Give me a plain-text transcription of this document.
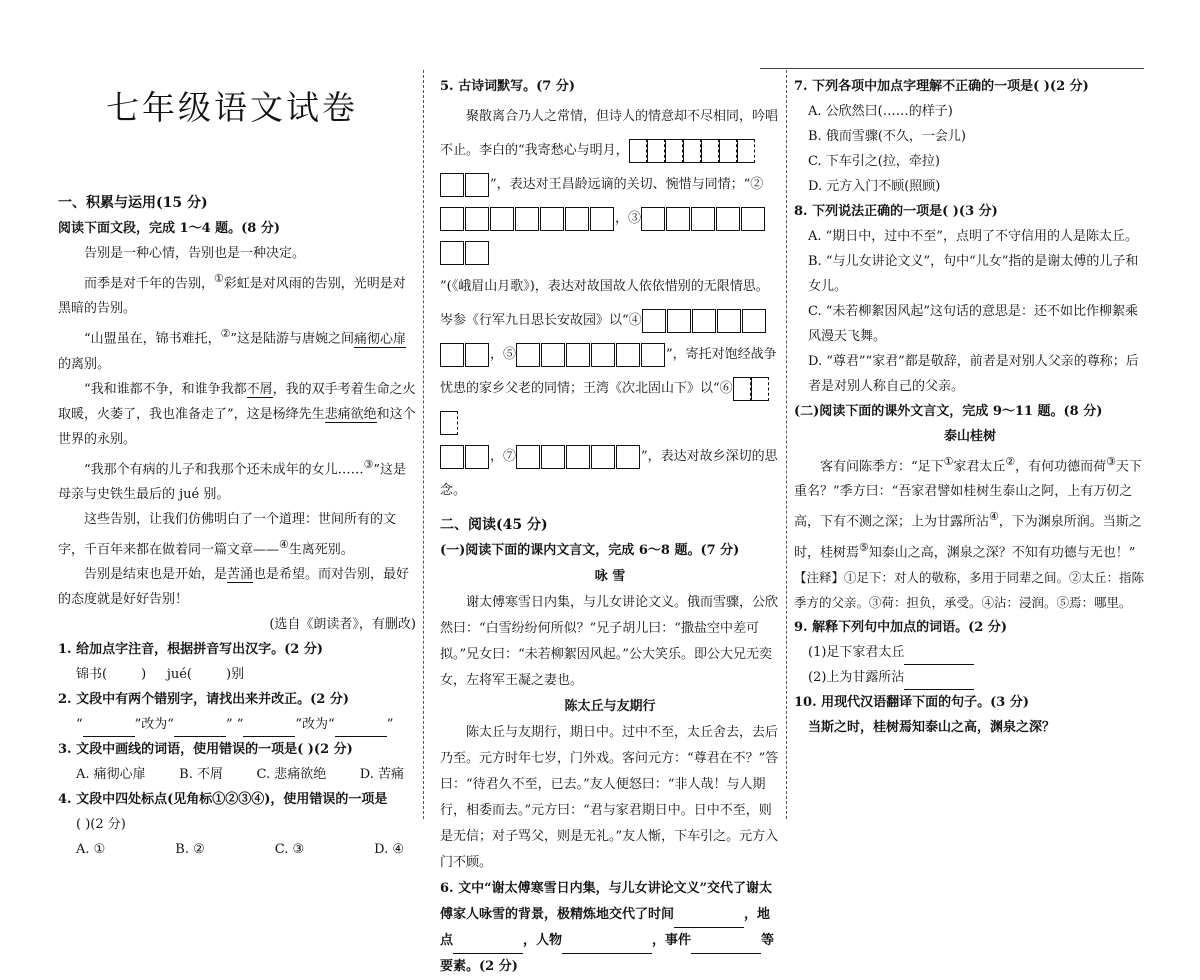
七年级语文试卷

一、积累与运用(15 分)

阅读下面文段，完成 1～4 题。(8 分)

告别是一种心情，告别也是一种决定。

而季是对千年的告别，①彩虹是对风雨的告别，光明是对黑暗的告别。

“山盟虽在，锦书难托，②”这是陆游与唐婉之间痛彻心扉的离别。

“我和谁都不争，和谁争我都不屑，我的双手考着生命之火取暖，火萎了，我也准备走了”，这是杨绛先生悲痛欲绝和这个世界的永别。

“我那个有病的儿子和我那个还未成年的女儿……③”这是母亲与史铁生最后的 jué 别。

这些告别，让我们仿佛明白了一个道理：世间所有的文字，千百年来都在做着同一篇文章——④生离死别。

告别是结束也是开始，是苦涌也是希望。而对告别，最好的态度就是好好告别！

(选自《朗读者》，有删改)

1. 给加点字注音，根据拼音写出汉字。(2 分)

锦书(	) jué(	)别

2. 文段中有两个错别字，请找出来并改正。(2 分)

“	”改为“	” “	”改为“	”

3. 文段中画线的词语，使用错误的一项是( )(2 分)

A. 痛彻心扉	B. 不屑	C. 悲痛欲绝	D. 苦痛

4. 文段中四处标点(见角标①②③④)，使用错误的一项是

( )(2 分)

A. ①	B. ②	C. ③	D. ④

5. 古诗词默写。(7 分)

聚散离合乃人之常情，但诗人的情意却不尽相同，吟唱不止。李白的“我寄愁心与明月，
”，表达对王昌龄远谪的关切、惋惜与同情；“②
，③
”(《峨眉山月歌》)，表达对故国故人依依惜别的无限情思。岑参《行军九日思长安故园》以“④
，⑤	”，寄托对饱经战争忧患的家乡父老的同情；王湾《次北固山下》以“⑥
，⑦	”，表达对故乡深切的思念。

二、阅读(45 分)

(一)阅读下面的课内文言文，完成 6～8 题。(7 分)

咏 雪

谢太傅寒雪日内集，与儿女讲论文义。俄而雪骤，公欣然曰：“白雪纷纷何所似？”兄子胡儿曰：“撒盐空中差可拟。”兄女曰：“未若柳絮因风起。”公大笑乐。即公大兄无奕女，左将军王凝之妻也。

陈太丘与友期行

陈太丘与友期行，期日中。过中不至，太丘舍去，去后乃至。元方时年七岁，门外戏。客问元方：“尊君在不？”答曰：“待君久不至，已去。”友人便怒曰：“非人哉！与人期行，相委而去。”元方曰：“君与家君期日中。日中不至，则是无信；对子骂父，则是无礼。”友人惭，下车引之。元方入门不顾。

6. 文中“谢太傅寒雪日内集，与儿女讲论文义”交代了谢太傅家人咏雪的背景，极精炼地交代了时间	，地点	，人物	，事件	等要素。(2 分)

7. 下列各项中加点字理解不正确的一项是( )(2 分)

A. 公欣然曰(……的样子)

B. 俄而雪骤(不久，一会儿)

C. 下车引之(拉，牵拉)

D. 元方入门不顾(照顾)

8. 下列说法正确的一项是( )(3 分)

A. “期日中，过中不至”，点明了不守信用的人是陈太丘。

B. “与儿女讲论文义”，句中“儿女”指的是谢太傅的儿子和女儿。

C. “未若柳絮因风起”这句话的意思是：还不如比作柳絮乘风漫天飞舞。

D. “尊君”“家君”都是敬辞，前者是对别人父亲的尊称；后者是对别人称自己的父亲。

(二)阅读下面的课外文言文，完成 9～11 题。(8 分)

泰山桂树

客有问陈季方：“足下①家君太丘②，有何功德而荷③天下重名？”季方曰：“吾家君譬如桂树生泰山之阿，上有万仞之高，下有不测之深；上为甘露所沾④，下为渊泉所润。当斯之时，桂树焉⑤知泰山之高，渊泉之深？不知有功德与无也！”

【注释】①足下：对人的敬称，多用于同辈之间。②太丘：指陈季方的父亲。③荷：担负，承受。④沾：浸润。⑤焉：哪里。

9. 解释下列句中加点的词语。(2 分)

(1)足下家君太丘

(2)上为甘露所沾

10. 用现代汉语翻译下面的句子。(3 分)

当斯之时，桂树焉知泰山之高，渊泉之深？
